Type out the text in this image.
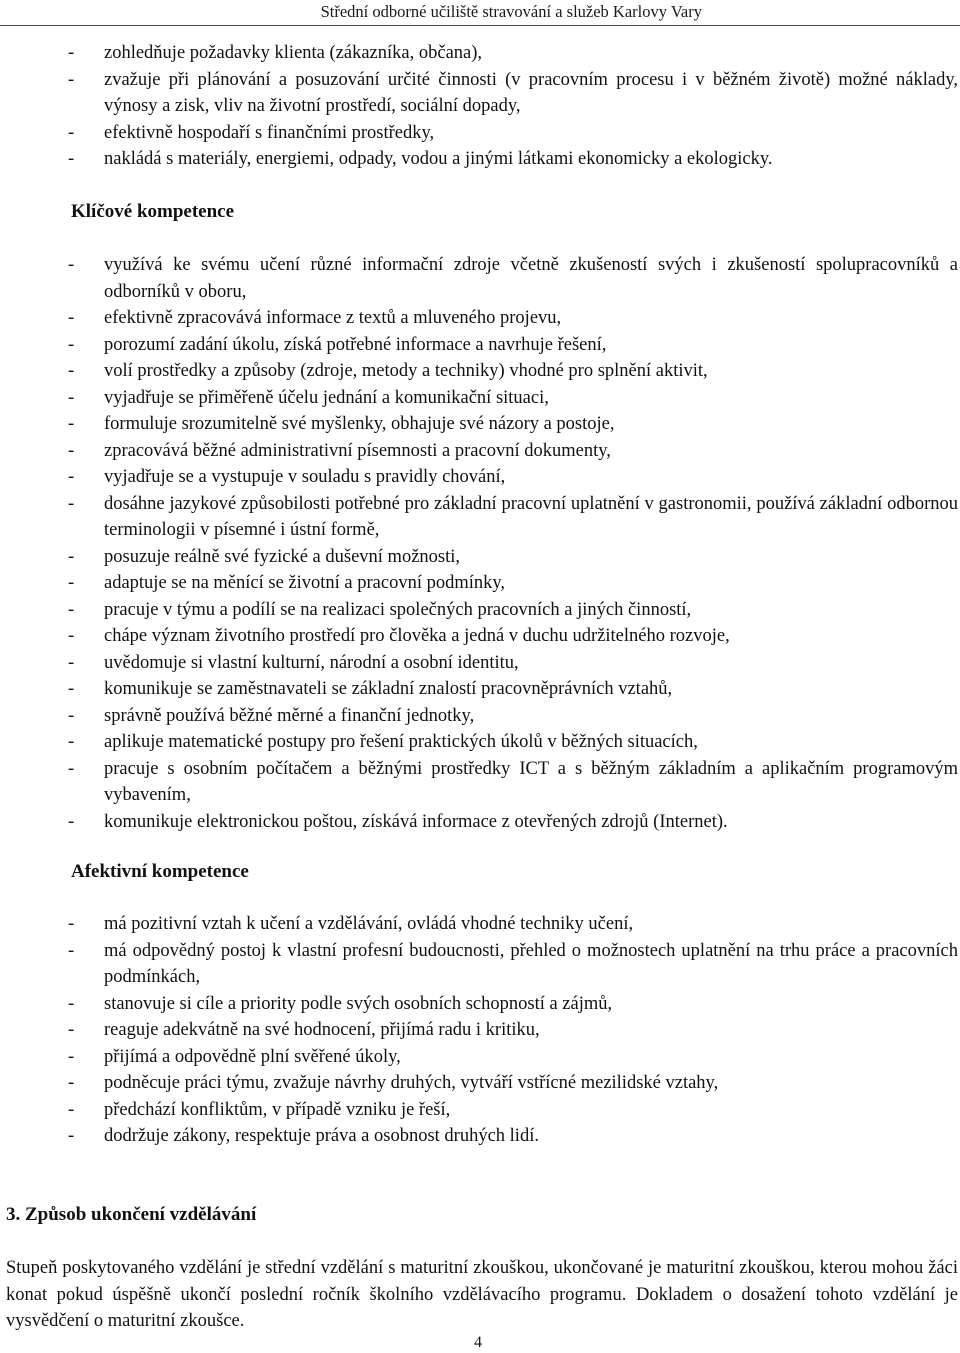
Střední odborné učiliště stravování a služeb Karlovy Vary
- zohledňuje požadavky klienta (zákazníka, občana),
- zvažuje při plánování a posuzování určité činnosti (v pracovním procesu i v běžném životě) možné náklady, výnosy a zisk, vliv na životní prostředí, sociální dopady,
- efektivně hospodaří s finančními prostředky,
- nakládá s materiály, energiemi, odpady, vodou a jinými látkami ekonomicky a ekologicky.
Klíčové kompetence
- využívá ke svému učení různé informační zdroje včetně zkušeností svých i zkušeností spolupracovníků a odborníků v oboru,
- efektivně zpracovává informace z textů a mluveného projevu,
- porozumí zadání úkolu, získá potřebné informace a navrhuje řešení,
- volí prostředky a způsoby (zdroje, metody a techniky) vhodné pro splnění aktivit,
- vyjadřuje se přiměřeně účelu jednání a komunikační situaci,
- formuluje srozumitelně své myšlenky, obhajuje své názory a postoje,
- zpracovává běžné administrativní písemnosti a pracovní dokumenty,
- vyjadřuje se a vystupuje v souladu s pravidly chování,
- dosáhne jazykové způsobilosti potřebné pro základní pracovní uplatnění v gastronomii, používá základní odbornou terminologii v písemné i ústní formě,
- posuzuje reálně své fyzické a duševní možnosti,
- adaptuje se na měnící se životní a pracovní podmínky,
- pracuje v týmu a podílí se na realizaci společných pracovních a jiných činností,
- chápe význam životního prostředí pro člověka a jedná v duchu udržitelného rozvoje,
- uvědomuje si vlastní kulturní, národní a osobní identitu,
- komunikuje se zaměstnavateli se základní znalostí pracovněprávních vztahů,
- správně používá běžné měrné a finanční jednotky,
- aplikuje matematické postupy pro řešení praktických úkolů v běžných situacích,
- pracuje s osobním počítačem a běžnými prostředky ICT a s běžným základním a aplikačním programovým vybavením,
- komunikuje elektronickou poštou, získává informace z otevřených zdrojů (Internet).
Afektivní kompetence
- má pozitivní vztah k učení a vzdělávání, ovládá vhodné techniky učení,
- má odpovědný postoj k vlastní profesní budoucnosti, přehled o možnostech uplatnění na trhu práce a pracovních podmínkách,
- stanovuje si cíle a priority podle svých osobních schopností a zájmů,
- reaguje adekvátně na své hodnocení, přijímá radu i kritiku,
- přijímá a odpovědně plní svěřené úkoly,
- podněcuje práci týmu, zvažuje návrhy druhých, vytváří vstřícné mezilidské vztahy,
- předchází konfliktům, v případě vzniku je řeší,
- dodržuje zákony, respektuje práva a osobnost druhých lidí.
3. Způsob ukončení vzdělávání
Stupeň poskytovaného vzdělání je střední vzdělání s maturitní zkouškou, ukončované je maturitní zkouškou, kterou mohou žáci konat pokud úspěšně ukončí poslední ročník školního vzdělávacího programu. Dokladem o dosažení tohoto vzdělání je vysvědčení o maturitní zkoušce.
4
